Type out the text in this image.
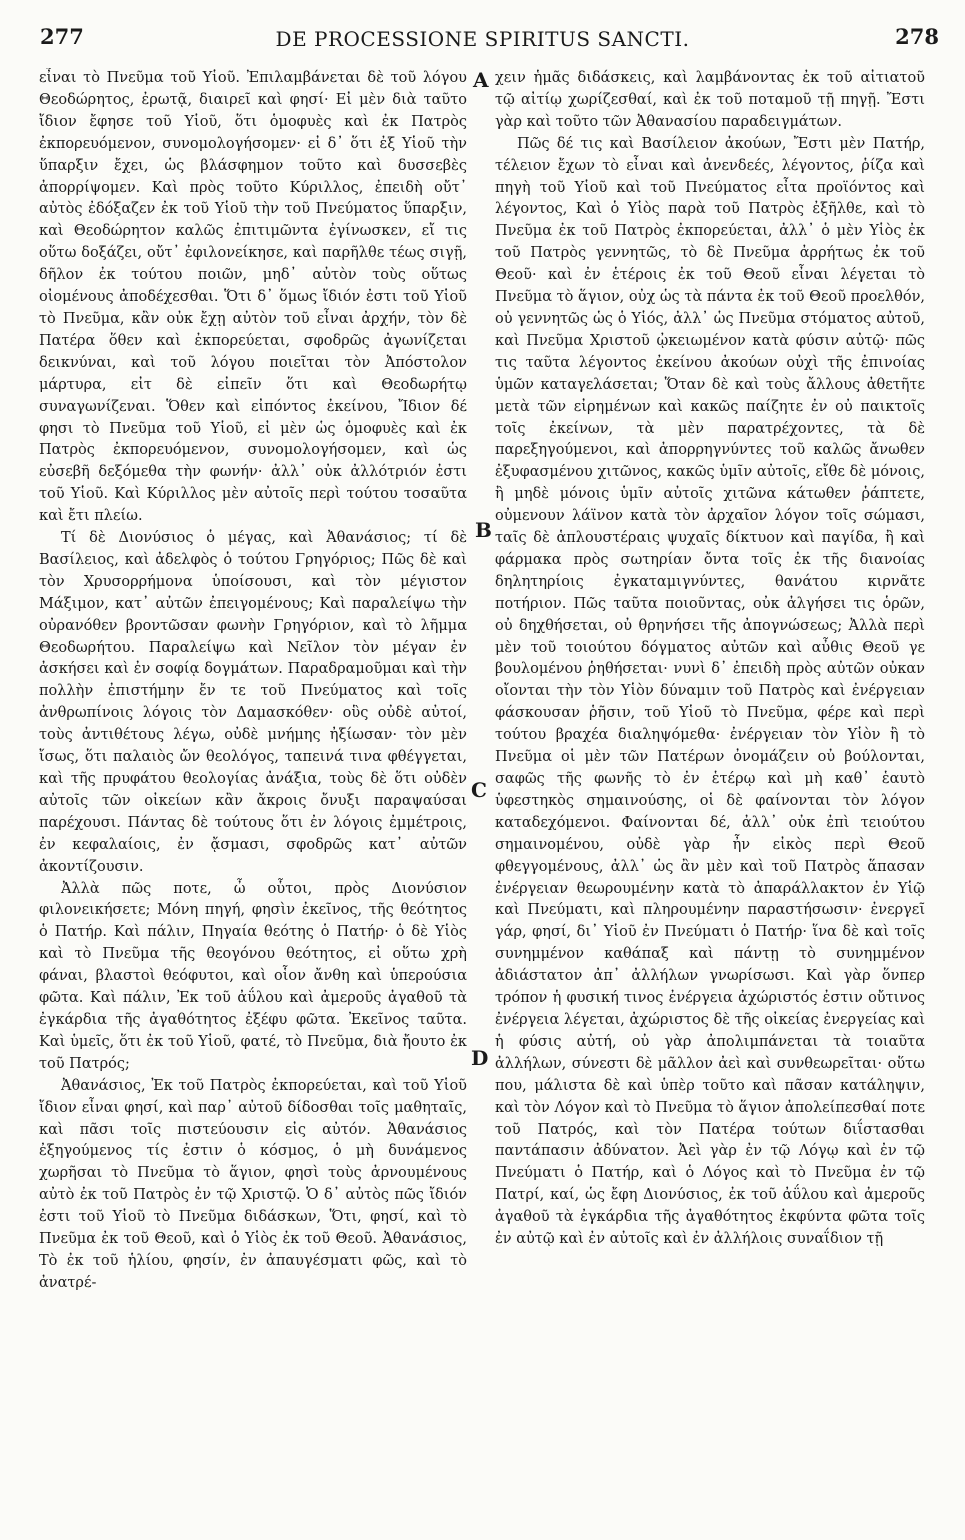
277	DE PROCESSIONE SPIRITUS SANCTI.	278

εἶναι τὸ Πνεῦμα τοῦ Υἱοῦ. Ἐπιλαμβάνεται δὲ τοῦ λόγου Θεοδώρητος, ἐρωτᾷ, διαιρεῖ καὶ φησί· Εἰ μὲν διὰ ταῦτο ἴδιον ἔφησε τοῦ Υἱοῦ, ὅτι ὁμοφυὲς καὶ ἐκ Πατρὸς ἐκπορευόμενον, συνομολογήσομεν· εἰ δ᾽ ὅτι ἐξ Υἱοῦ τὴν ὕπαρξιν ἔχει, ὡς βλάσφημον τοῦτο καὶ δυσσεβὲς ἀπορρίψομεν. Καὶ πρὸς τοῦτο Κύριλλος, ἐπειδὴ οὔτ᾽ αὐτὸς ἐδόξαζεν ἐκ τοῦ Υἱοῦ τὴν τοῦ Πνεύματος ὕπαρξιν, καὶ Θεοδώρητον καλῶς ἐπιτιμῶντα ἐγίνωσκεν, εἴ τις οὕτω δοξάζει, οὔτ᾽ ἐφιλονείκησε, καὶ παρῆλθε τέως σιγῇ, δῆλον ἐκ τούτου ποιῶν, μηδ᾽ αὐτὸν τοὺς οὕτως οἰομένους ἀποδέχεσθαι. Ὅτι δ᾽ ὅμως ἴδιόν ἐστι τοῦ Υἱοῦ τὸ Πνεῦμα, κἂν οὐκ ἔχῃ αὐτὸν τοῦ εἶναι ἀρχήν, τὸν δὲ Πατέρα ὅθεν καὶ ἐκπορεύεται, σφοδρῶς ἀγωνίζεται δεικνύναι, καὶ τοῦ λόγου ποιεῖται τὸν Ἀπόστολον μάρτυρα, εἰτ δὲ εἰπεῖν ὅτι καὶ Θεοδωρήτῳ συναγωνίζεναι. Ὅθεν καὶ εἰπόντος ἐκείνου, Ἴδιον δέ φησι τὸ Πνεῦμα τοῦ Υἱοῦ, εἰ μὲν ὡς ὁμοφυὲς καὶ ἐκ Πατρὸς ἐκπορευόμενον, συνομολογήσομεν, καὶ ὡς εὐσεβῆ δεξόμεθα τὴν φωνήν· ἀλλ᾽ οὐκ ἀλλότριόν ἐστι τοῦ Υἱοῦ. Καὶ Κύριλλος μὲν αὐτοῖς περὶ τούτου τοσαῦτα καὶ ἔτι πλείω.

Τί δὲ Διονύσιος ὁ μέγας, καὶ Ἀθανάσιος; τί δὲ Βασίλειος, καὶ ἀδελφὸς ὁ τούτου Γρηγόριος; Πῶς δὲ καὶ τὸν Χρυσορρήμονα ὑποίσουσι, καὶ τὸν μέγιστον Μάξιμον, κατ᾽ αὐτῶν ἐπειγομένους; Καὶ παραλείψω τὴν οὐρανόθεν βροντῶσαν φωνὴν Γρηγόριον, καὶ τὸ λῆμμα Θεοδωρήτου. Παραλείψω καὶ Νεῖλον τὸν μέγαν ἐν ἀσκήσει καὶ ἐν σοφίᾳ δογμάτων. Παραδραμοῦμαι καὶ τὴν πολλὴν ἐπιστήμην ἔν τε τοῦ Πνεύματος καὶ τοῖς ἀνθρωπίνοις λόγοις τὸν Δαμασκόθεν· οὓς οὐδὲ αὐτοί, τοὺς ἀντιθέτους λέγω, οὐδὲ μνήμης ἠξίωσαν· τὸν μὲν ἴσως, ὅτι παλαιὸς ὤν θεολόγος, ταπεινά τινα φθέγγεται, καὶ τῆς πρυφάτου θεολογίας ἀνάξια, τοὺς δὲ ὅτι οὐδὲν αὐτοῖς τῶν οἰκείων κἂν ἄκροις ὄνυξι παραψαύσαι παρέχουσι. Πάντας δὲ τούτους ὅτι ἐν λόγοις ἐμμέτροις, ἐν κεφαλαίοις, ἐν ᾄσμασι, σφοδρῶς κατ᾽ αὐτῶν ἀκοντίζουσιν.

Ἀλλὰ πῶς ποτε, ὦ οὗτοι, πρὸς Διονύσιον φιλονεικήσετε; Μόνη πηγή, φησὶν ἐκεῖνος, τῆς θεότητος ὁ Πατήρ. Καὶ πάλιν, Πηγαία θεότης ὁ Πατήρ· ὁ δὲ Υἱὸς καὶ τὸ Πνεῦμα τῆς θεογόνου θεότητος, εἰ οὕτω χρὴ φάναι, βλαστοὶ θεόφυτοι, καὶ οἷον ἄνθη καὶ ὑπερούσια φῶτα. Καὶ πάλιν, Ἐκ τοῦ ἀΰλου καὶ ἀμεροῦς ἀγαθοῦ τὰ ἐγκάρδια τῆς ἀγαθότητος ἐξέφυ φῶτα. Ἐκεῖνος ταῦτα. Καὶ ὑμεῖς, ὅτι ἐκ τοῦ Υἱοῦ, φατέ, τὸ Πνεῦμα, διὰ ἤουτο ἐκ τοῦ Πατρός;

Ἀθανάσιος, Ἐκ τοῦ Πατρὸς ἐκπορεύεται, καὶ τοῦ Υἱοῦ ἴδιον εἶναι φησί, καὶ παρ᾽ αὐτοῦ δίδοσθαι τοῖς μαθηταῖς, καὶ πᾶσι τοῖς πιστεύουσιν εἰς αὐτόν. Ἀθανάσιος ἐξηγούμενος τίς ἐστιν ὁ κόσμος, ὁ μὴ δυνάμενος χωρῆσαι τὸ Πνεῦμα τὸ ἅγιον, φησὶ τοὺς ἀρνουμένους αὐτὸ ἐκ τοῦ Πατρὸς ἐν τῷ Χριστῷ. Ὁ δ᾽ αὐτὸς πῶς ἴδιόν ἐστι τοῦ Υἱοῦ τὸ Πνεῦμα διδάσκων, Ὅτι, φησί, καὶ τὸ Πνεῦμα ἐκ τοῦ Θεοῦ, καὶ ὁ Υἱὸς ἐκ τοῦ Θεοῦ. Ἀθανάσιος, Τὸ ἐκ τοῦ ἡλίου, φησίν, ἐν ἀπαυγέσματι φῶς, καὶ τὸ ἀνατρέ-

A
B
C
D

χειν ἡμᾶς διδάσκεις, καὶ λαμβάνοντας ἐκ τοῦ αἰτιατοῦ τῷ αἰτίῳ χωρίζεσθαί, καὶ ἐκ τοῦ ποταμοῦ τῇ πηγῇ. Ἔστι γὰρ καὶ τοῦτο τῶν Ἀθανασίου παραδειγμάτων.

Πῶς δέ τις καὶ Βασίλειον ἀκούων, Ἔστι μὲν Πατήρ, τέλειον ἔχων τὸ εἶναι καὶ ἀνενδεές, λέγοντος, ῥίζα καὶ πηγὴ τοῦ Υἱοῦ καὶ τοῦ Πνεύματος εἶτα προϊόντος καὶ λέγοντος, Καὶ ὁ Υἱὸς παρὰ τοῦ Πατρὸς ἐξῆλθε, καὶ τὸ Πνεῦμα ἐκ τοῦ Πατρὸς ἐκπορεύεται, ἀλλ᾽ ὁ μὲν Υἱὸς ἐκ τοῦ Πατρὸς γεννητῶς, τὸ δὲ Πνεῦμα ἀρρήτως ἐκ τοῦ Θεοῦ· καὶ ἐν ἑτέροις ἐκ τοῦ Θεοῦ εἶναι λέγεται τὸ Πνεῦμα τὸ ἅγιον, οὐχ ὡς τὰ πάντα ἐκ τοῦ Θεοῦ προελθόν, οὐ γεννητῶς ὡς ὁ Υἱός, ἀλλ᾽ ὡς Πνεῦμα στόματος αὐτοῦ, καὶ Πνεῦμα Χριστοῦ ᾠκειωμένον κατὰ φύσιν αὐτῷ· πῶς τις ταῦτα λέγοντος ἐκείνου ἀκούων οὐχὶ τῆς ἐπινοίας ὑμῶν καταγελάσεται; Ὅταν δὲ καὶ τοὺς ἄλλους ἀθετῆτε μετὰ τῶν εἰρημένων καὶ κακῶς παίζητε ἐν οὐ παικτοῖς τοῖς ἐκείνων, τὰ μὲν παρατρέχοντες, τὰ δὲ παρεξηγούμενοι, καὶ ἀπορρηγνύντες τοῦ καλῶς ἄνωθεν ἐξυφασμένου χιτῶνος, κακῶς ὑμῖν αὐτοῖς, εἴθε δὲ μόνοις, ἢ μηδὲ μόνοις ὑμῖν αὐτοῖς χιτῶνα κάτωθεν ῥάπτετε, οὐμενουν λάϊνον κατὰ τὸν ἀρχαῖον λόγον τοῖς σώμασι, ταῖς δὲ ἁπλουστέραις ψυχαῖς δίκτυον καὶ παγίδα, ἢ καὶ φάρμακα πρὸς σωτηρίαν ὄντα τοῖς ἐκ τῆς διανοίας δηλητηρίοις ἐγκαταμιγνύντες, θανάτου κιρνᾶτε ποτήριον. Πῶς ταῦτα ποιοῦντας, οὐκ ἀλγήσει τις ὁρῶν, οὐ δηχθήσεται, οὐ θρηνήσει τῆς ἀπογνώσεως; Ἀλλὰ περὶ μὲν τοῦ τοιούτου δόγματος αὐτῶν καὶ αὖθις Θεοῦ γε βουλομένου ῥηθήσεται· νυνὶ δ᾽ ἐπειδὴ πρὸς αὐτῶν οὐκαν οἴονται τὴν τὸν Υἱὸν δύναμιν τοῦ Πατρὸς καὶ ἐνέργειαν φάσκουσαν ῥῆσιν, τοῦ Υἱοῦ τὸ Πνεῦμα, φέρε καὶ περὶ τούτου βραχέα διαληψόμεθα· ἐνέργειαν τὸν Υἱὸν ἢ τὸ Πνεῦμα οἱ μὲν τῶν Πατέρων ὀνομάζειν οὐ βούλονται, σαφῶς τῆς φωνῆς τὸ ἐν ἑτέρῳ καὶ μὴ καθ᾽ ἑαυτὸ ὑφεστηκὸς σημαινούσης, οἱ δὲ φαίνονται τὸν λόγον καταδεχόμενοι. Φαίνονται δέ, ἀλλ᾽ οὐκ ἐπὶ τειούτου σημαινομένου, οὐδὲ γὰρ ἦν εἰκὸς περὶ Θεοῦ φθεγγομένους, ἀλλ᾽ ὡς ἂν μὲν καὶ τοῦ Πατρὸς ἅπασαν ἐνέργειαν θεωρουμένην κατὰ τὸ ἀπαράλλακτον ἐν Υἱῷ καὶ Πνεύματι, καὶ πληρουμένην παραστήσωσιν· ἐνεργεῖ γάρ, φησί, δι᾽ Υἱοῦ ἐν Πνεύματι ὁ Πατήρ· ἵνα δὲ καὶ τοῖς συνημμένον καθάπαξ καὶ πάντῃ τὸ συνημμένον ἀδιάστατον ἀπ᾽ ἀλλήλων γνωρίσωσι. Καὶ γὰρ ὅνπερ τρόπον ἡ φυσική τινος ἐνέργεια ἀχώριστός ἐστιν οὔτινος ἐνέργεια λέγεται, ἀχώριστος δὲ τῆς οἰκείας ἐνεργείας καὶ ἡ φύσις αὐτή, οὐ γὰρ ἀπολιμπάνεται τὰ τοιαῦτα ἀλλήλων, σύνεστι δὲ μᾶλλον ἀεὶ καὶ συνθεωρεῖται· οὕτω που, μάλιστα δὲ καὶ ὑπὲρ τοῦτο καὶ πᾶσαν κατάληψιν, καὶ τὸν Λόγον καὶ τὸ Πνεῦμα τὸ ἅγιον ἀπολείπεσθαί ποτε τοῦ Πατρός, καὶ τὸν Πατέρα τούτων διΐστασθαι παντάπασιν ἀδύνατον. Ἀεὶ γὰρ ἐν τῷ Λόγῳ καὶ ἐν τῷ Πνεύματι ὁ Πατήρ, καὶ ὁ Λόγος καὶ τὸ Πνεῦμα ἐν τῷ Πατρί, καί, ὡς ἔφη Διονύσιος, ἐκ τοῦ ἀΰλου καὶ ἀμεροῦς ἀγαθοῦ τὰ ἐγκάρδια τῆς ἀγαθότητος ἐκφύντα φῶτα τοῖς ἐν αὐτῷ καὶ ἐν αὐτοῖς καὶ ἐν ἀλλήλοις συναΐδιον τῇ
